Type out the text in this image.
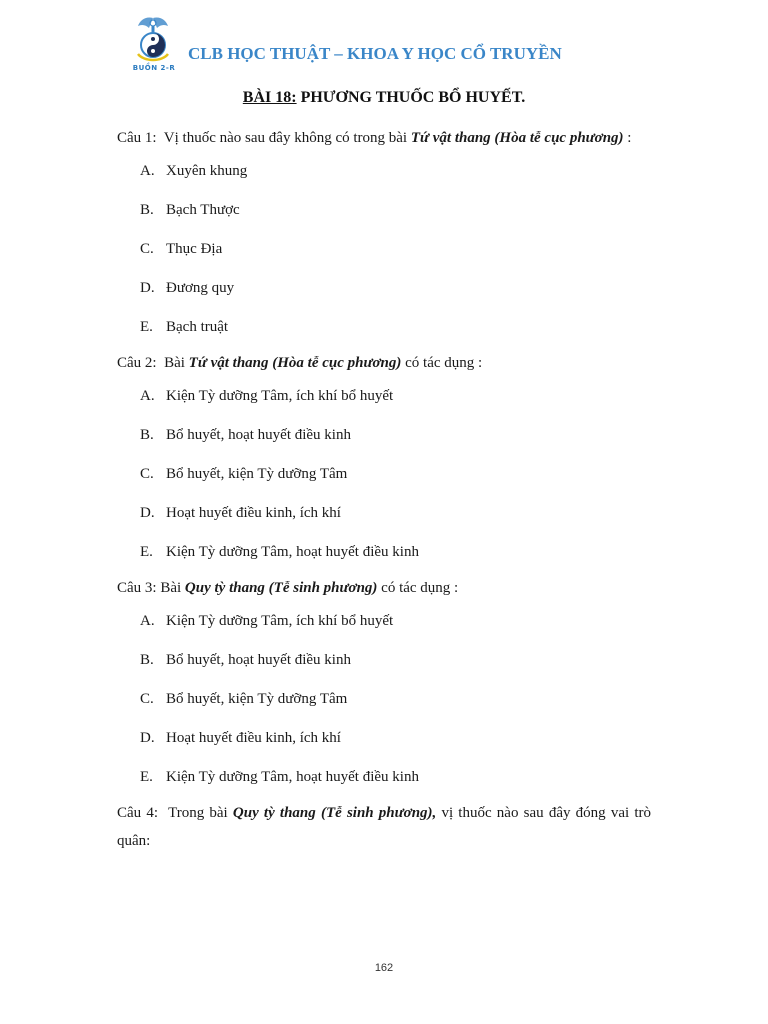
BUỒN 2-R
CLB HỌC THUẬT – KHOA Y HỌC CỔ TRUYỀN
BÀI 18: PHƯƠNG THUỐC BỔ HUYẾT.

Câu 1:  Vị thuốc nào sau đây không có trong bài Tứ vật thang (Hòa tễ cục phương) :

A. Xuyên khung
B. Bạch Thược
C. Thục Địa
D. Đương quy
E. Bạch truật

Câu 2:  Bài Tứ vật thang (Hòa tễ cục phương) có tác dụng :

A. Kiện Tỳ dưỡng Tâm, ích khí bổ huyết
B. Bổ huyết, hoạt huyết điều kinh
C. Bổ huyết, kiện Tỳ dưỡng Tâm
D. Hoạt huyết điều kinh, ích khí
E. Kiện Tỳ dưỡng Tâm, hoạt huyết điều kinh

Câu 3: Bài Quy tỳ thang (Tễ sinh phương) có tác dụng :

A. Kiện Tỳ dưỡng Tâm, ích khí bổ huyết
B. Bổ huyết, hoạt huyết điều kinh
C. Bổ huyết, kiện Tỳ dưỡng Tâm
D. Hoạt huyết điều kinh, ích khí
E. Kiện Tỳ dưỡng Tâm, hoạt huyết điều kinh

Câu 4:  Trong bài Quy tỳ thang (Tễ sinh phương), vị thuốc nào sau đây đóng vai trò quân:

162
